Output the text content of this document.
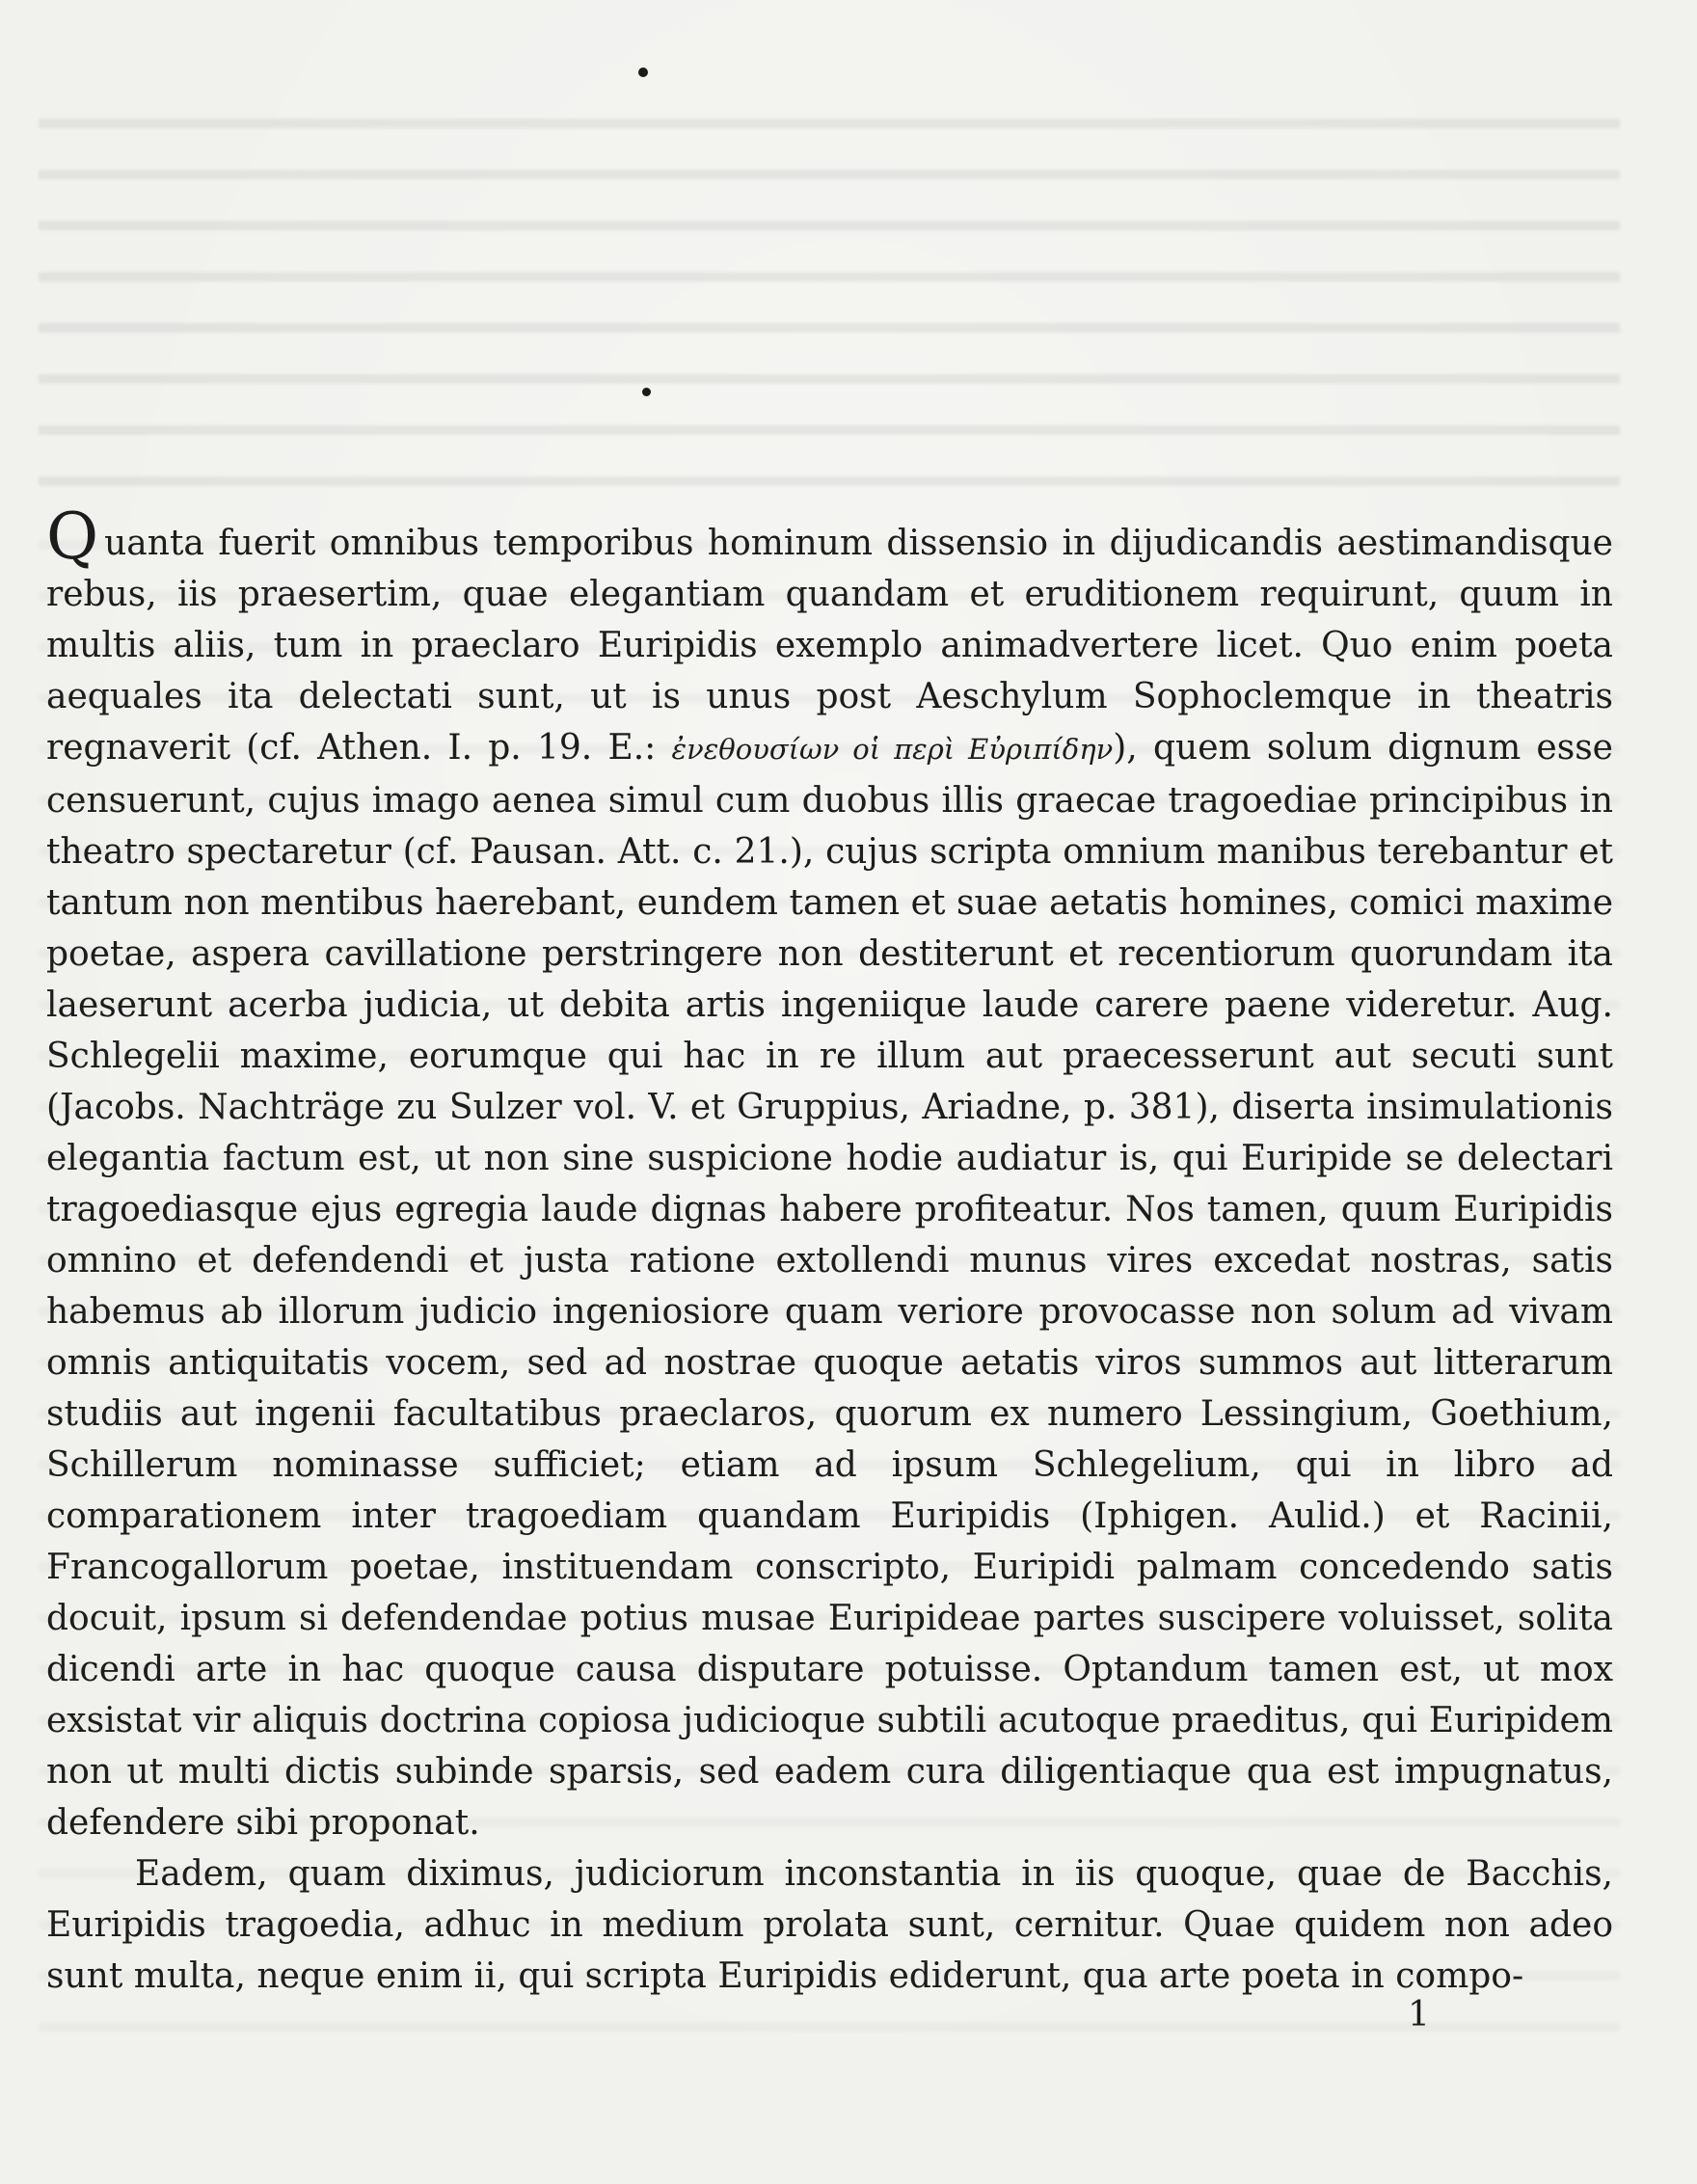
Quanta fuerit omnibus temporibus hominum dissensio in dijudicandis aestimandisque rebus, iis praesertim, quae elegantiam quandam et eruditionem requirunt, quum in multis aliis, tum in praeclaro Euripidis exemplo animadvertere licet. Quo enim poeta aequales ita delectati sunt, ut is unus post Aeschylum Sophoclemque in theatris regnaverit (cf. Athen. I. p. 19. E.: ἐνεθουσίων οἱ περὶ Εὐριπίδην), quem solum dignum esse censuerunt, cujus imago aenea simul cum duobus illis graecae tragoediae principibus in theatro spectaretur (cf. Pausan. Att. c. 21.), cujus scripta omnium manibus terebantur et tantum non mentibus haerebant, eundem tamen et suae aetatis homines, comici maxime poetae, aspera cavillatione perstringere non destiterunt et recentiorum quorundam ita laeserunt acerba judicia, ut debita artis ingeniique laude carere paene videretur. Aug. Schlegelii maxime, eorumque qui hac in re illum aut praecesserunt aut secuti sunt (Jacobs. Nachträge zu Sulzer vol. V. et Gruppius, Ariadne, p. 381), diserta insimulationis elegantia factum est, ut non sine suspicione hodie audiatur is, qui Euripide se delectari tragoediasque ejus egregia laude dignas habere profiteatur. Nos tamen, quum Euripidis omnino et defendendi et justa ratione extollendi munus vires excedat nostras, satis habemus ab illorum judicio ingeniosiore quam veriore provocasse non solum ad vivam omnis antiquitatis vocem, sed ad nostrae quoque aetatis viros summos aut litterarum studiis aut ingenii facultatibus praeclaros, quorum ex numero Lessingium, Goethium, Schillerum nominasse sufficiet; etiam ad ipsum Schlegelium, qui in libro ad comparationem inter tragoediam quandam Euripidis (Iphigen. Aulid.) et Racinii, Francogallorum poetae, instituendam conscripto, Euripidi palmam concedendo satis docuit, ipsum si defendendae potius musae Euripideae partes suscipere voluisset, solita dicendi arte in hac quoque causa disputare potuisse. Optandum tamen est, ut mox exsistat vir aliquis doctrina copiosa judicioque subtili acutoque praeditus, qui Euripidem non ut multi dictis subinde sparsis, sed eadem cura diligentiaque qua est impugnatus, defendere sibi proponat.

Eadem, quam diximus, judiciorum inconstantia in iis quoque, quae de Bacchis, Euripidis tragoedia, adhuc in medium prolata sunt, cernitur. Quae quidem non adeo sunt multa, neque enim ii, qui scripta Euripidis ediderunt, qua arte poeta in compo-

1
